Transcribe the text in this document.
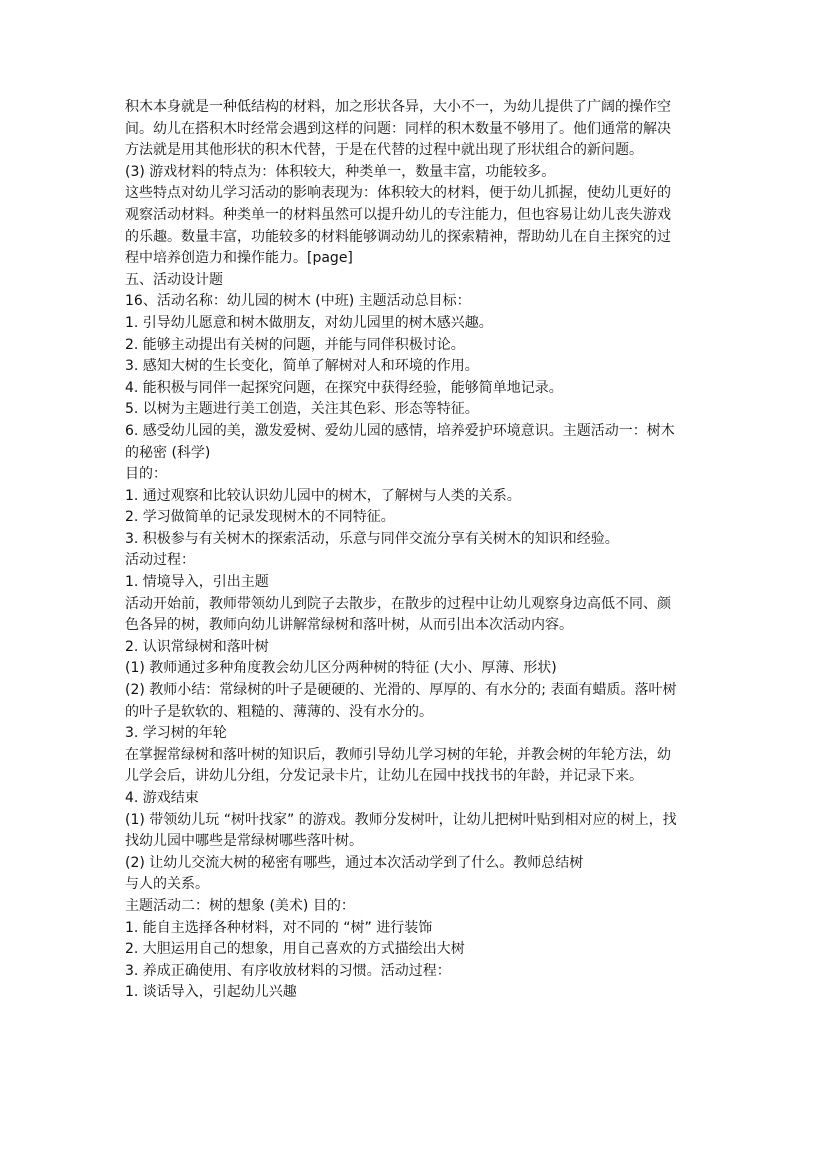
积木本身就是一种低结构的材料，加之形状各异，大小不一，为幼儿提供了广阔的操作空
间。幼儿在搭积木时经常会遇到这样的问题：同样的积木数量不够用了。他们通常的解决
方法就是用其他形状的积木代替，于是在代替的过程中就出现了形状组合的新问题。
(3) 游戏材料的特点为：体积较大，种类单一，数量丰富，功能较多。
这些特点对幼儿学习活动的影响表现为：体积较大的材料，便于幼儿抓握，使幼儿更好的
观察活动材料。种类单一的材料虽然可以提升幼儿的专注能力，但也容易让幼儿丧失游戏
的乐趣。数量丰富，功能较多的材料能够调动幼儿的探索精神，帮助幼儿在自主探究的过
程中培养创造力和操作能力。[page]
五、活动设计题
16、活动名称：幼儿园的树木 (中班) 主题活动总目标：
1. 引导幼儿愿意和树木做朋友，对幼儿园里的树木感兴趣。
2. 能够主动提出有关树的问题，并能与同伴积极讨论。
3. 感知大树的生长变化，简单了解树对人和环境的作用。
4. 能积极与同伴一起探究问题，在探究中获得经验，能够简单地记录。
5. 以树为主题进行美工创造，关注其色彩、形态等特征。
6. 感受幼儿园的美，激发爱树、爱幼儿园的感情，培养爱护环境意识。主题活动一：树木
的秘密 (科学)
目的：
1. 通过观察和比较认识幼儿园中的树木，了解树与人类的关系。
2. 学习做简单的记录发现树木的不同特征。
3. 积极参与有关树木的探索活动，乐意与同伴交流分享有关树木的知识和经验。
活动过程：
1. 情境导入，引出主题
活动开始前，教师带领幼儿到院子去散步，在散步的过程中让幼儿观察身边高低不同、颜
色各异的树，教师向幼儿讲解常绿树和落叶树，从而引出本次活动内容。
2. 认识常绿树和落叶树
(1) 教师通过多种角度教会幼儿区分两种树的特征 (大小、厚薄、形状)
(2) 教师小结：常绿树的叶子是硬硬的、光滑的、厚厚的、有水分的; 表面有蜡质。落叶树
的叶子是软软的、粗糙的、薄薄的、没有水分的。
3. 学习树的年轮
在掌握常绿树和落叶树的知识后，教师引导幼儿学习树的年轮，并教会树的年轮方法，幼
儿学会后，讲幼儿分组，分发记录卡片，让幼儿在园中找找书的年龄，并记录下来。
4. 游戏结束
(1) 带领幼儿玩 “树叶找家” 的游戏。教师分发树叶，让幼儿把树叶贴到相对应的树上，找
找幼儿园中哪些是常绿树哪些落叶树。
(2) 让幼儿交流大树的秘密有哪些，通过本次活动学到了什么。教师总结树
与人的关系。
主题活动二：树的想象 (美术) 目的：
1. 能自主选择各种材料，对不同的 “树” 进行装饰
2. 大胆运用自己的想象，用自己喜欢的方式描绘出大树
3. 养成正确使用、有序收放材料的习惯。活动过程：
1. 谈话导入，引起幼儿兴趣
